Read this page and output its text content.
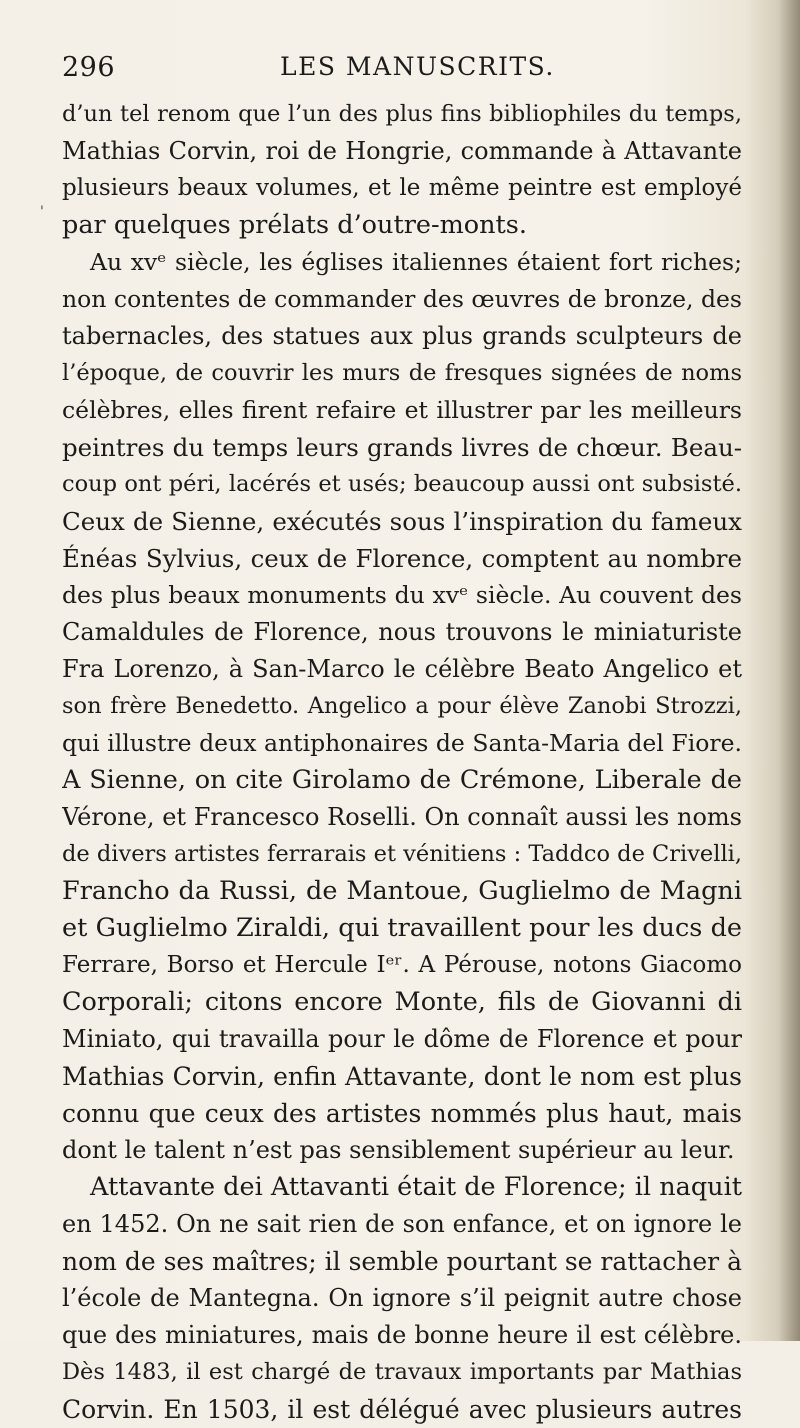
296	LES MANUSCRITS.
'
d’un tel renom que l’un des plus fins bibliophiles du temps,
Mathias Corvin, roi de Hongrie, commande à Attavante
plusieurs beaux volumes, et le même peintre est employé
par quelques prélats d’outre-monts.
Au xvᵉ siècle, les églises italiennes étaient fort riches;
non contentes de commander des œuvres de bronze, des
tabernacles, des statues aux plus grands sculpteurs de
l’époque, de couvrir les murs de fresques signées de noms
célèbres, elles firent refaire et illustrer par les meilleurs
peintres du temps leurs grands livres de chœur. Beau-
coup ont péri, lacérés et usés; beaucoup aussi ont subsisté.
Ceux de Sienne, exécutés sous l’inspiration du fameux
Énéas Sylvius, ceux de Florence, comptent au nombre
des plus beaux monuments du xvᵉ siècle. Au couvent des
Camaldules de Florence, nous trouvons le miniaturiste
Fra Lorenzo, à San-Marco le célèbre Beato Angelico et
son frère Benedetto. Angelico a pour élève Zanobi Strozzi,
qui illustre deux antiphonaires de Santa-Maria del Fiore.
A Sienne, on cite Girolamo de Crémone, Liberale de
Vérone, et Francesco Roselli. On connaît aussi les noms
de divers artistes ferrarais et vénitiens : Taddco de Crivelli,
Francho da Russi, de Mantoue, Guglielmo de Magni
et Guglielmo Ziraldi, qui travaillent pour les ducs de
Ferrare, Borso et Hercule Iᵉʳ. A Pérouse, notons Giacomo
Corporali; citons encore Monte, fils de Giovanni di
Miniato, qui travailla pour le dôme de Florence et pour
Mathias Corvin, enfin Attavante, dont le nom est plus
connu que ceux des artistes nommés plus haut, mais
dont le talent n’est pas sensiblement supérieur au leur.
Attavante dei Attavanti était de Florence; il naquit
en 1452. On ne sait rien de son enfance, et on ignore le
nom de ses maîtres; il semble pourtant se rattacher à
l’école de Mantegna. On ignore s’il peignit autre chose
que des miniatures, mais de bonne heure il est célèbre.
Dès 1483, il est chargé de travaux importants par Mathias
Corvin. En 1503, il est délégué avec plusieurs autres
